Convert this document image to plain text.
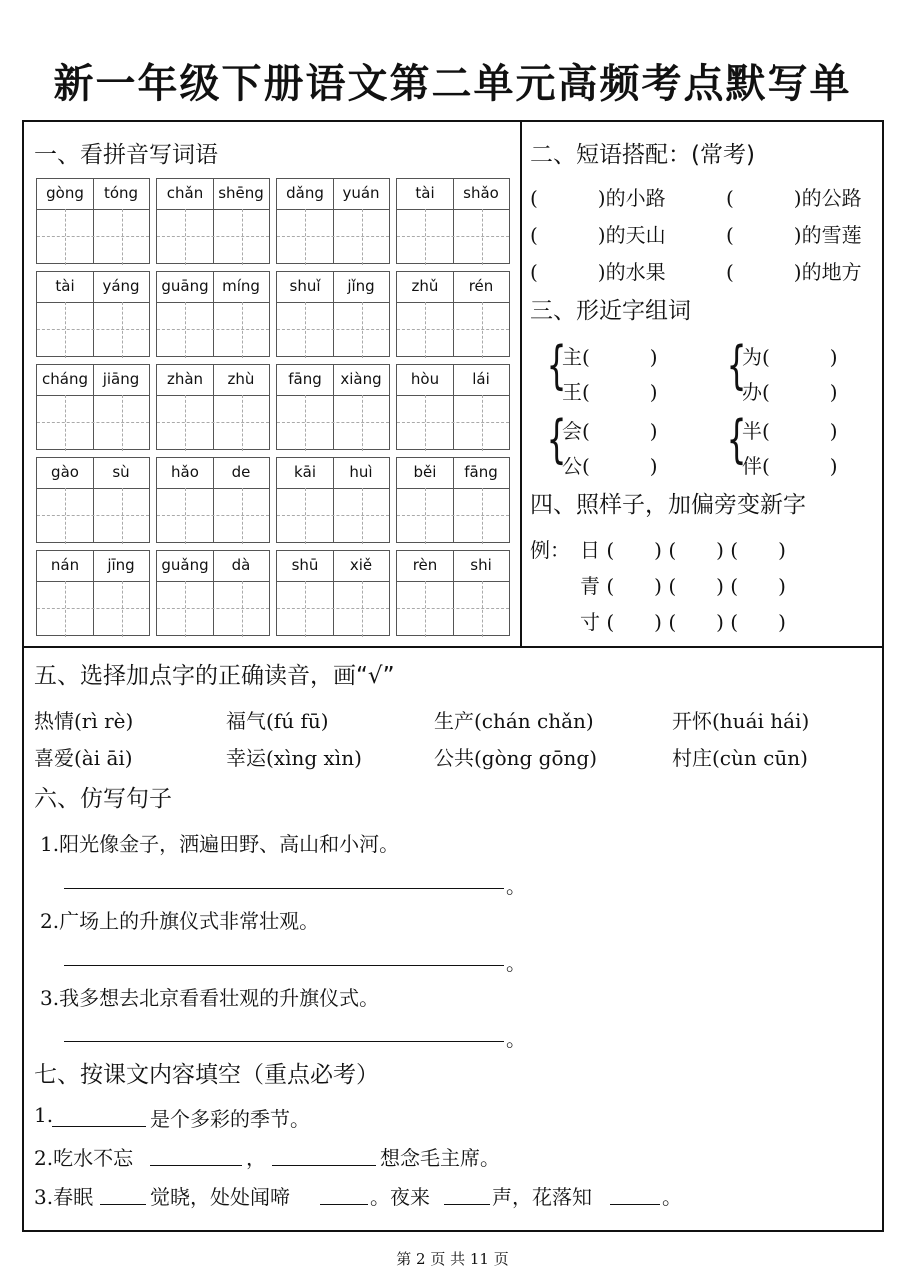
新一年级下册语文第二单元高频考点默写单
一、看拼音写词语
gòng	tóng	chǎn shēng	dǎng	yuán	tài	shǎo
tài	yáng	guāng míng	shuǐ	jǐng	zhǔ	rén
cháng jiāng	zhàn	zhù	fāng	xiàng	hòu	lái
gào	sù	hǎo	de	kāi	huì	běi	fāng
nán	jīng	guǎng	dà	shū	xiě	rèn	shi
二、短语搭配：(常考)
(　　　)的小路	(　　　)的公路
(　　　)的天山	(　　　)的雪莲
(　　　)的水果	(　　　)的地方
三、形近字组词
{
主(　　　)
王(　　　) {
为(　　　)
办(　　　)
{
会(　　　)
公(　　　) {
半(　　　)
伴(　　　)
四、照样子，加偏旁变新字
例： 日 (　　) (　　) (　　)
青 (　　) (　　) (　　)
寸 (　　) (　　) (　　)
五、选择加点字的正确读音，画“√”
热情(rì rè)	福气(fú fū)	生产(chán chǎn)	开怀(huái hái)
喜爱(ài āi)	幸运(xìng xìn)	公共(gòng gōng)	村庄(cùn cūn)
六、仿写句子
1.阳光像金子，洒遍田野、高山和小河。
。
2.广场上的升旗仪式非常壮观。
。
3.我多想去北京看看壮观的升旗仪式。
。
七、按课文内容填空（重点必考）
1.	是个多彩的季节。
2.吃水不忘	，	想念毛主席。
3.春眠	觉晓，处处闻啼	。夜来	声，花落知	。
第 2 页 共 11 页
